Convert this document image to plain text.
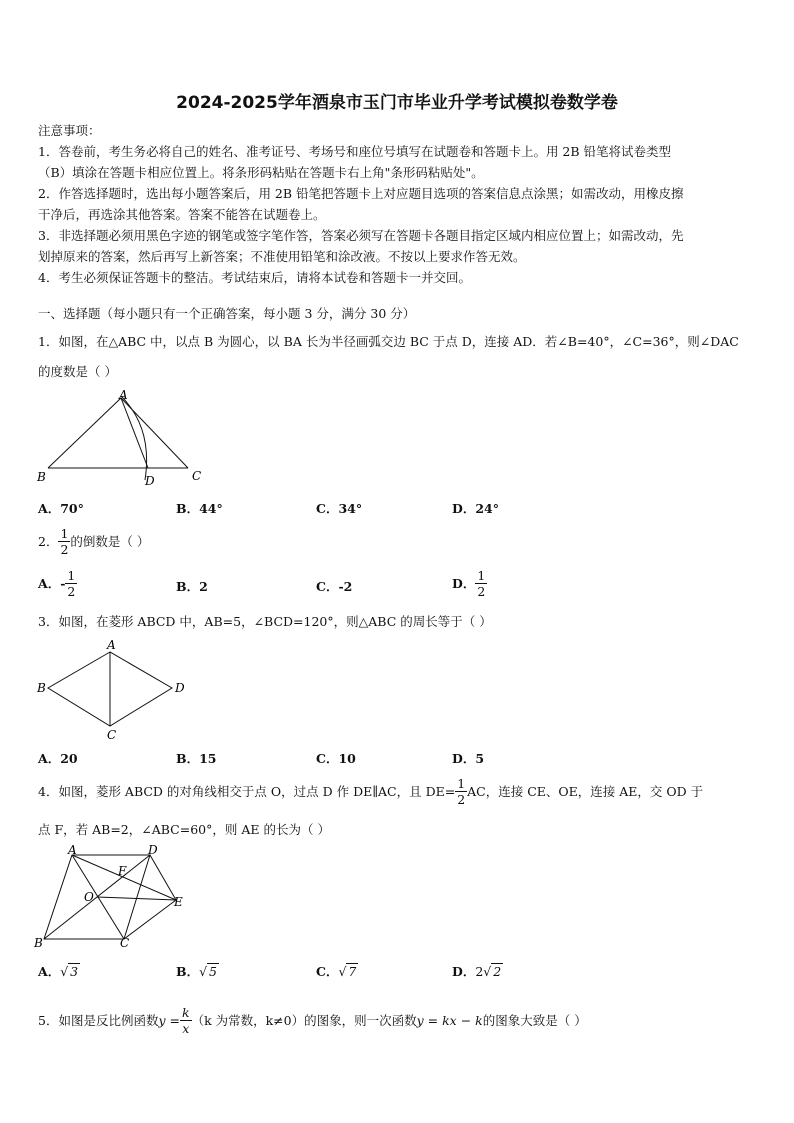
2024-2025学年酒泉市玉门市毕业升学考试模拟卷数学卷
注意事项：
1．答卷前，考生务必将自己的姓名、准考证号、考场号和座位号填写在试题卷和答题卡上。用 2B 铅笔将试卷类型
（B）填涂在答题卡相应位置上。将条形码粘贴在答题卡右上角"条形码粘贴处"。
2．作答选择题时，选出每小题答案后，用 2B 铅笔把答题卡上对应题目选项的答案信息点涂黑；如需改动，用橡皮擦
干净后，再选涂其他答案。答案不能答在试题卷上。
3．非选择题必须用黑色字迹的钢笔或签字笔作答，答案必须写在答题卡各题目指定区域内相应位置上；如需改动，先
划掉原来的答案，然后再写上新答案；不准使用铅笔和涂改液。不按以上要求作答无效。
4．考生必须保证答题卡的整洁。考试结束后，请将本试卷和答题卡一并交回。
一、选择题（每小题只有一个正确答案，每小题 3 分，满分 30 分）
1．如图，在△ABC 中，以点 B 为圆心，以 BA 长为半径画弧交边 BC 于点 D，连接 AD．若∠B=40°，∠C=36°，则∠DAC
的度数是（ ）
A
B	C
D
A．70°	B．44°	C．34°	D．24°
2． $\frac{1}{2}$ 的倒数是（ ）
A．- $\frac{1}{2}$	B．2	C．-2	D． $\frac{1}{2}$
3．如图，在菱形 ABCD 中，AB=5，∠BCD=120°，则△ABC 的周长等于（ ）
A
B
C
D
A．20	B．15	C．10	D．5
4．如图，菱形 ABCD 的对角线相交于点 O，过点 D 作 DE∥AC，且 $DE= \frac{1}{2}$ AC，连接 CE、OE，连接 AE，交 OD 于
点 F，若 AB=2，∠ABC=60°，则 AE 的长为（ ）
A
B	C
D
E
F
O
A．√ 3	B．√ 5	C．√ 7	D．2√ 2
5．如图是反比例函数$y = \frac{k}{x} (k$ 为常数，k≠0）的图象，则一次函数y = kx − k的图象大致是（ ）
